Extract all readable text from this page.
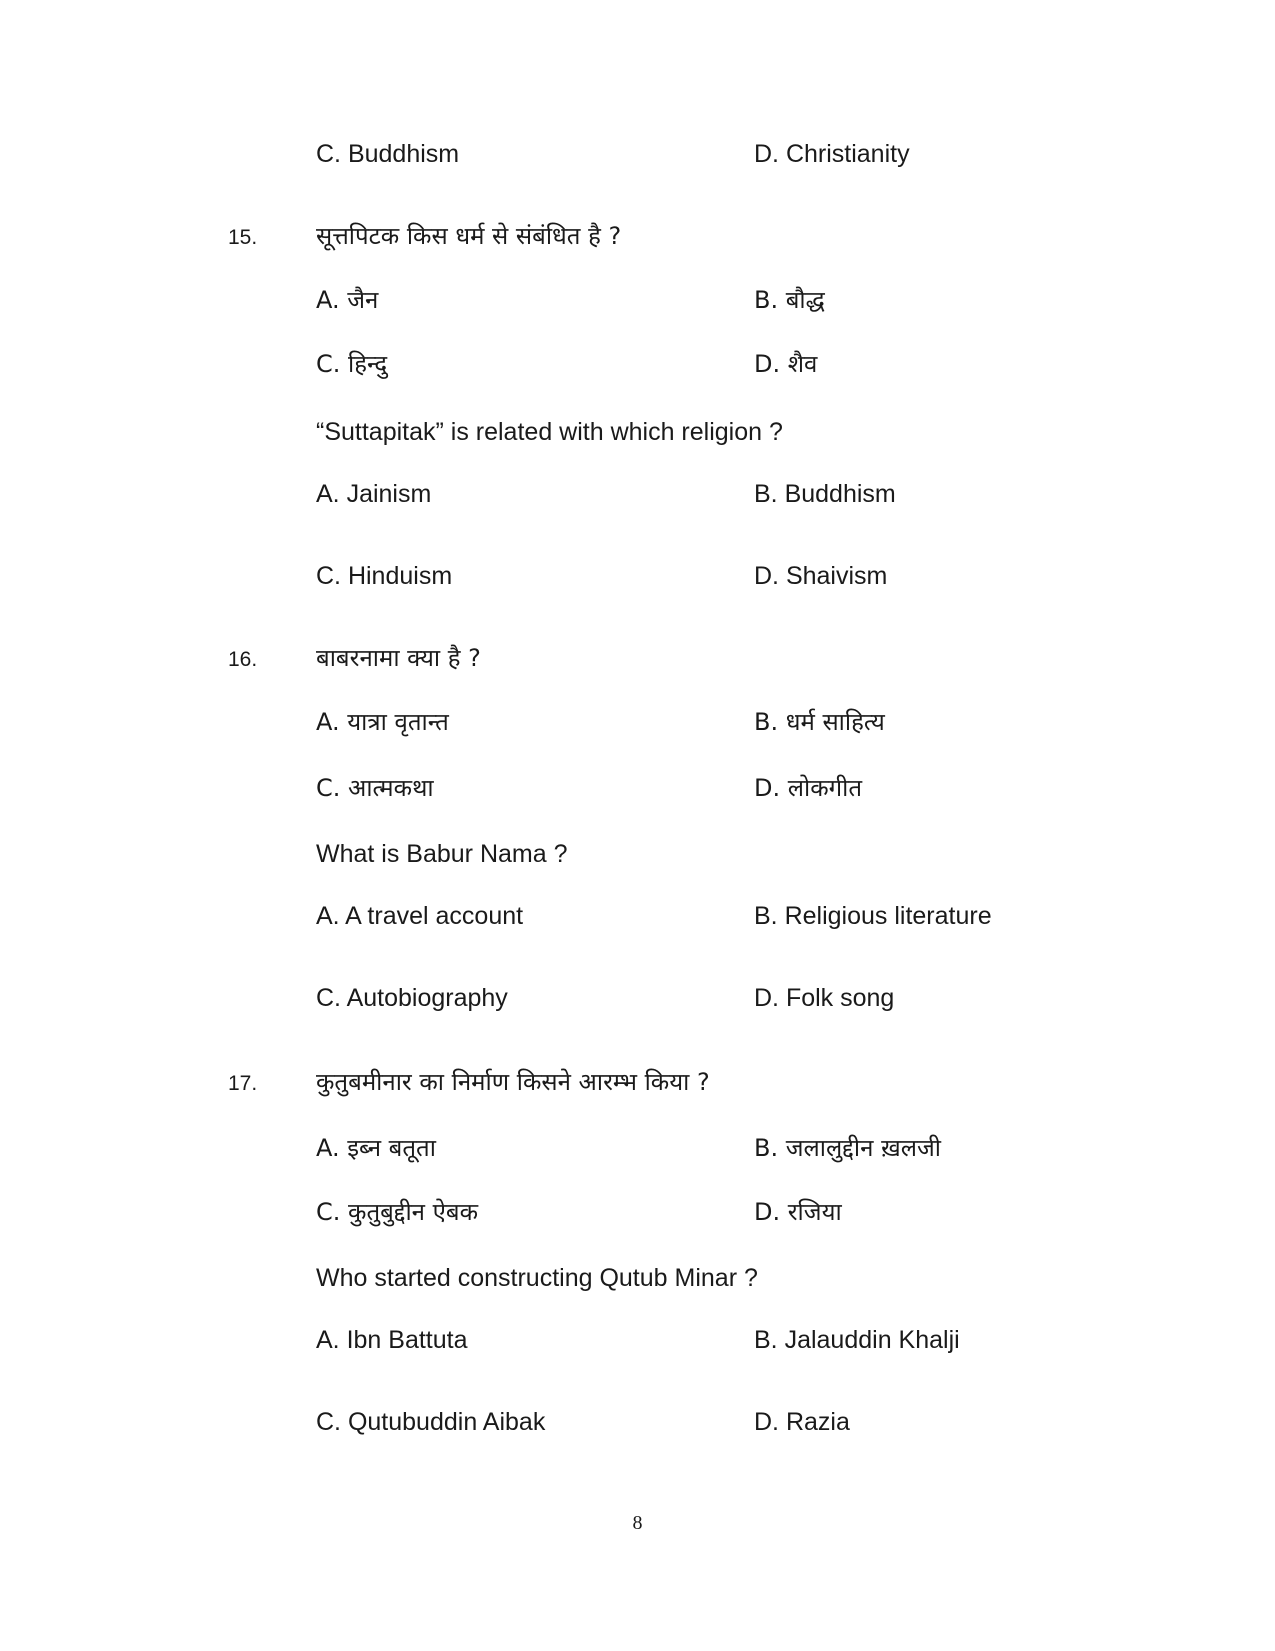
C. Buddhism	D. Christianity
15. सूत्तपिटक किस धर्म से संबंधित है ?
A. जैन	B. बौद्ध
C. हिन्दु	D. शैव
“Suttapitak” is related with which religion ?
A. Jainism	B. Buddhism
C. Hinduism	D. Shaivism
16. बाबरनामा क्या है ?
A. यात्रा वृतान्त	B. धर्म साहित्य
C. आत्मकथा	D. लोकगीत
What is Babur Nama ?
A. A travel account	B. Religious literature
C. Autobiography	D. Folk song
17. कुतुबमीनार का निर्माण किसने आरम्भ किया ?
A. इब्न बतूता	B. जलालुद्दीन ख़लजी
C. कुतुबुद्दीन ऐबक	D. रजिया
Who started constructing Qutub Minar ?
A. Ibn Battuta	B. Jalauddin Khalji
C. Qutubuddin Aibak	D. Razia
8
